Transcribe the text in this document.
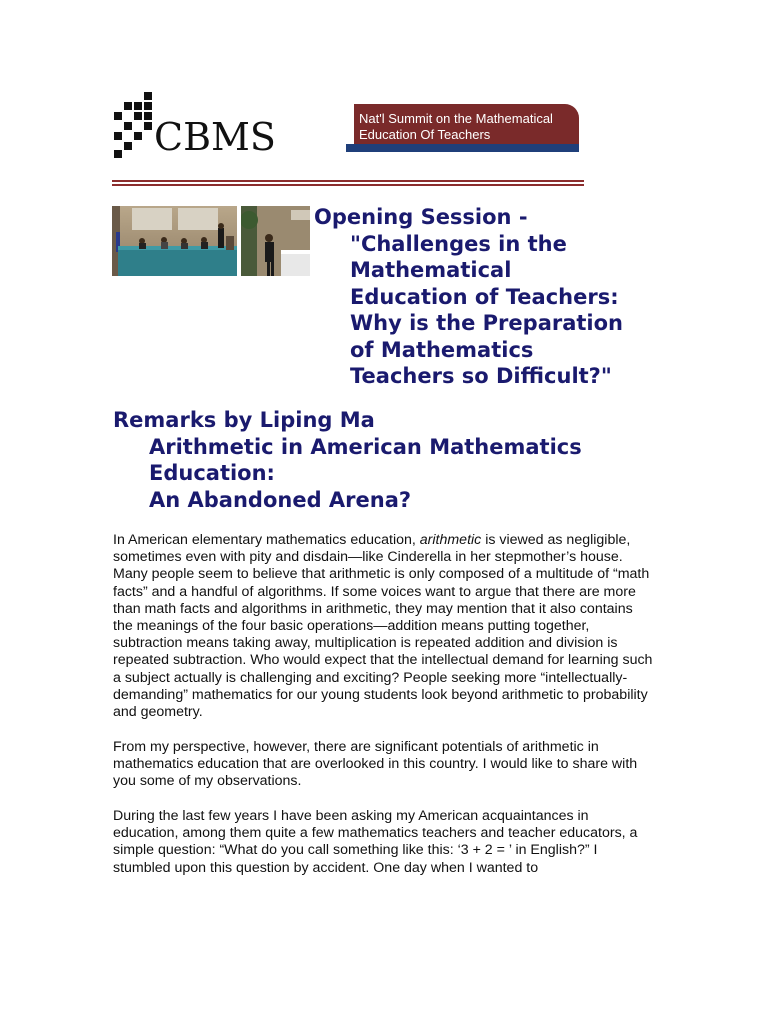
CBMS	Nat'l Summit on the Mathematical
Education Of Teachers
Opening Session -
"Challenges in the
Mathematical
Education of Teachers:
Why is the Preparation
of Mathematics
Teachers so Difficult?"
Remarks by Liping Ma
Arithmetic in American Mathematics
Education:
An Abandoned Arena?

In American elementary mathematics education, arithmetic is viewed as negligible, sometimes even with pity and disdain—like Cinderella in her stepmother’s house. Many people seem to believe that arithmetic is only composed of a multitude of “math facts” and a handful of algorithms. If some voices want to argue that there are more than math facts and algorithms in arithmetic, they may mention that it also contains the meanings of the four basic operations—addition means putting together, subtraction means taking away, multiplication is repeated addition and division is repeated subtraction. Who would expect that the intellectual demand for learning such a subject actually is challenging and exciting? People seeking more “intellectually-demanding” mathematics for our young students look beyond arithmetic to probability and geometry.

From my perspective, however, there are significant potentials of arithmetic in mathematics education that are overlooked in this country. I would like to share with you some of my observations.

During the last few years I have been asking my American acquaintances in education, among them quite a few mathematics teachers and teacher educators, a simple question: “What do you call something like this: ‘3 + 2 = ’ in English?” I stumbled upon this question by accident. One day when I wanted to
